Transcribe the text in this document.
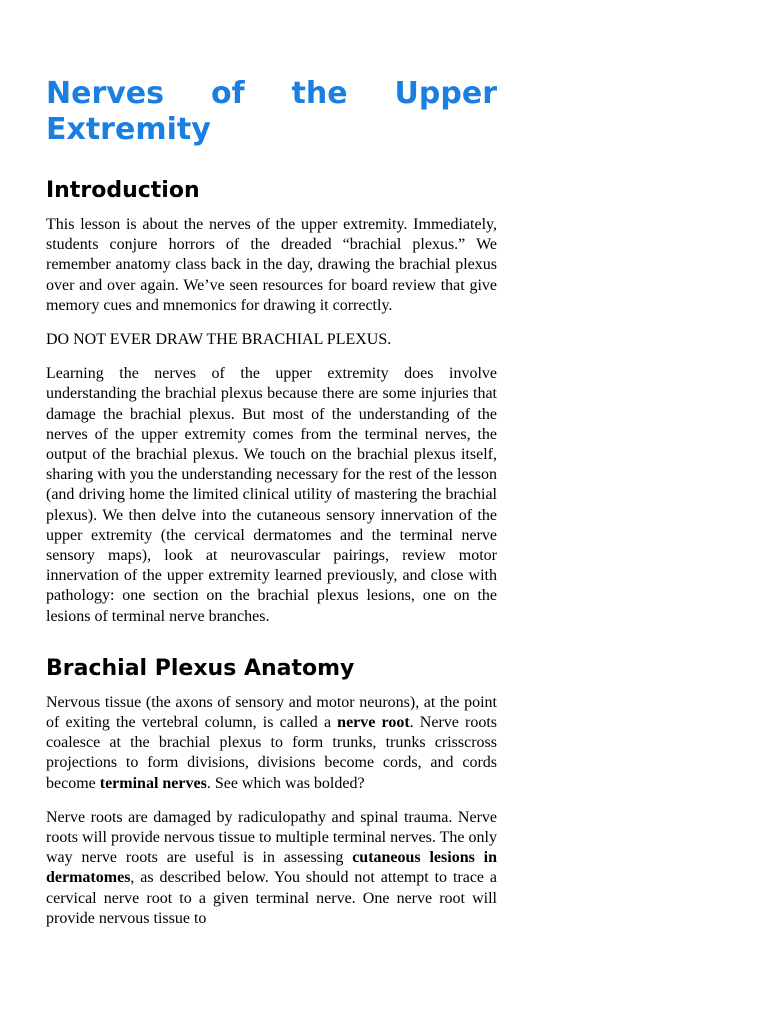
Nerves of the Upper
Extremity
Introduction

This lesson is about the nerves of the upper extremity. Immediately, students conjure horrors of the dreaded “brachial plexus.” We remember anatomy class back in the day, drawing the brachial plexus over and over again. We’ve seen resources for board review that give memory cues and mnemonics for drawing it correctly.

DO NOT EVER DRAW THE BRACHIAL PLEXUS.

Learning the nerves of the upper extremity does involve understanding the brachial plexus because there are some injuries that damage the brachial plexus. But most of the understanding of the nerves of the upper extremity comes from the terminal nerves, the output of the brachial plexus. We touch on the brachial plexus itself, sharing with you the understanding necessary for the rest of the lesson (and driving home the limited clinical utility of mastering the brachial plexus). We then delve into the cutaneous sensory innervation of the upper extremity (the cervical dermatomes and the terminal nerve sensory maps), look at neurovascular pairings, review motor innervation of the upper extremity learned previously, and close with pathology: one section on the brachial plexus lesions, one on the lesions of terminal nerve branches.

Brachial Plexus Anatomy

Nervous tissue (the axons of sensory and motor neurons), at the point of exiting the vertebral column, is called a nerve root. Nerve roots coalesce at the brachial plexus to form trunks, trunks crisscross projections to form divisions, divisions become cords, and cords become terminal nerves. See which was bolded?

Nerve roots are damaged by radiculopathy and spinal trauma. Nerve roots will provide nervous tissue to multiple terminal nerves. The only way nerve roots are useful is in assessing cutaneous lesions in dermatomes, as described below. You should not attempt to trace a cervical nerve root to a given terminal nerve. One nerve root will provide nervous tissue to
